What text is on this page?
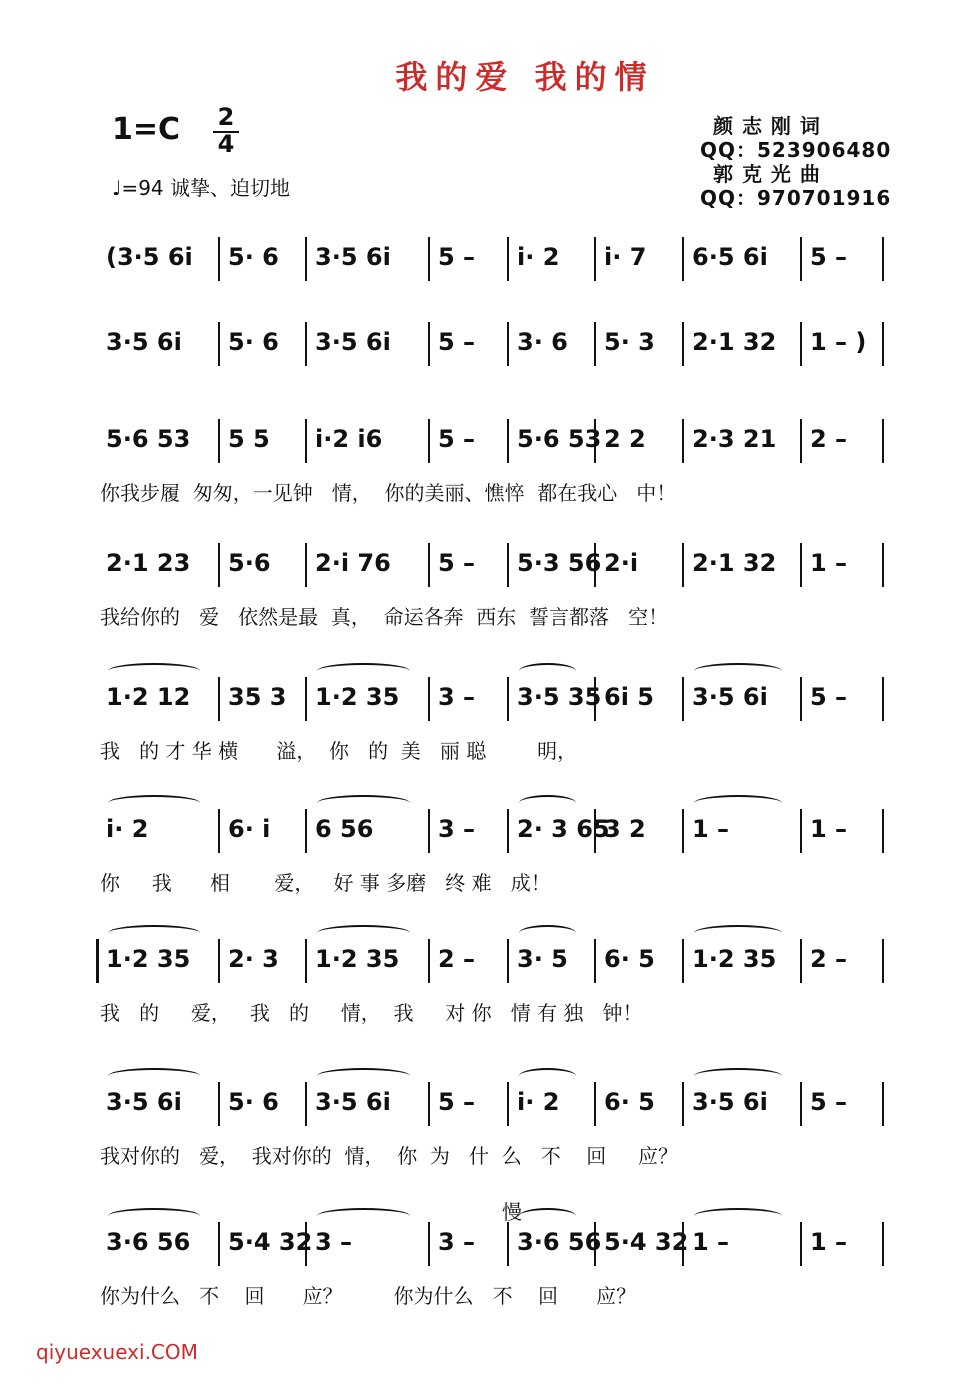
我的爱 我的情
1=C 2
4
♩=94 诚挚、迫切地
颜 志 刚 词
QQ：523906480
郭 克 光 曲
QQ：970701916
(3·5 6i 5· 6 3·5 6i 5 – i· 2 i· 7 6·5 6i 5 –
3·5 6i 5· 6 3·5 6i 5 – 3· 6 5· 3 2·1 32 1 – )
5·6 53 5 5 i·2 i6 5 – 5·6 53 2 2 2·3 21 2 –
你我步履  匆匆，一见钟   情，  你的美丽、憔悴  都在我心   中！
2·1 23 5·6 2·i 76 5 – 5·3 56 2·i 2·1 32 1 –
我给你的   爱   依然是最  真，  命运各奔  西东  誓言都落   空！
1·2 12 35 3 1·2 35 3 – 3·5 35 6i 5 3·5 6i 5 –
我   的 才 华 横      溢，  你   的  美   丽 聪        明，
i· 2	6· i 6 56	3 – 2· 3 65
3 2 1 –	1 –
你     我      相       爱，   好 事 多磨   终 难   成！
1·2 35 2· 3 1·2 35 2 – 3· 5 6· 5 1·2 35 2 –
我   的     爱，   我   的     情，  我     对 你   情 有 独   钟！
3·5 6i 5· 6 3·5 6i 5 – i· 2 6· 5 3·5 6i 5 –
我对你的   爱，  我对你的  情，  你  为   什  么   不    回     应？
3·6 56 5·4 32 3 –	3 – 3·6 56 5·4 32 1 –	1 –
你为什么   不    回      应？        你为什么   不    回      应？
慢
qiyuexuexi.COM
